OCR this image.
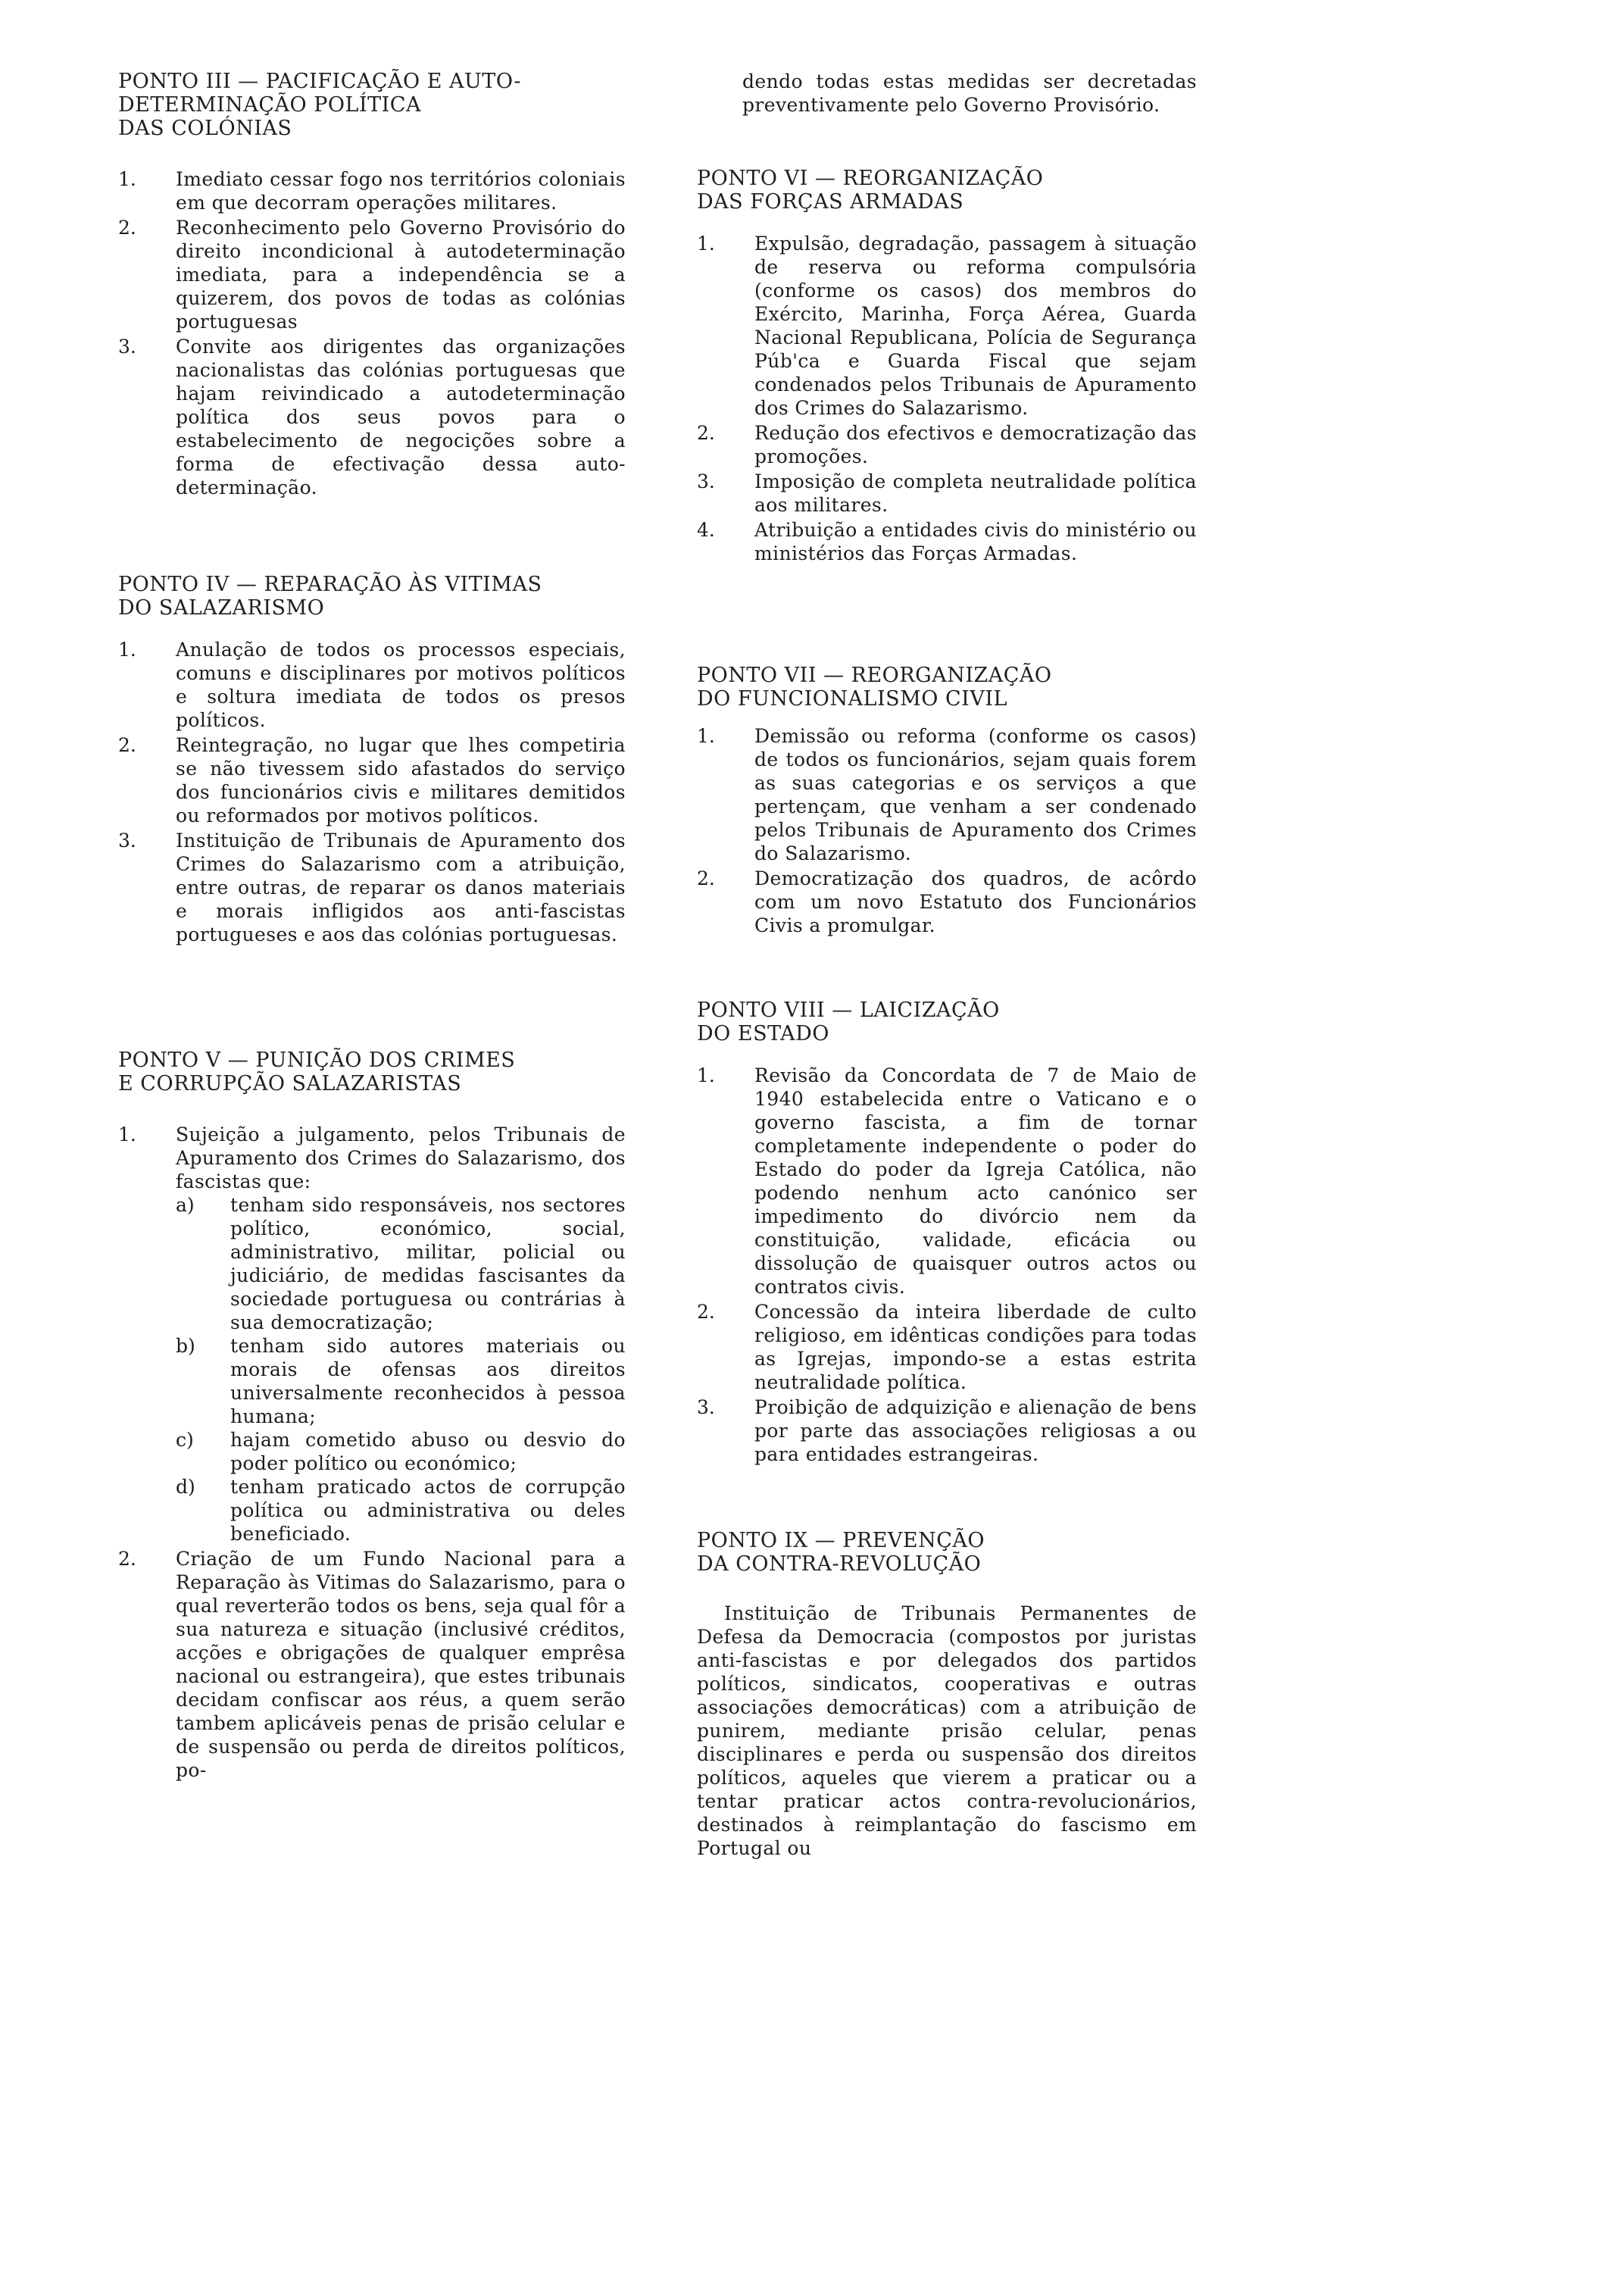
PONTO III — PACIFICAÇÃO E AUTO-
DETERMINAÇÃO POLÍTICA
DAS COLÓNIAS
1.	Imediato cessar fogo nos territórios coloniais em que decorram operações militares.
2.	Reconhecimento pelo Governo Provisório do direito incondicional à autodeterminação imediata, para a independência se a quizerem, dos povos de todas as colónias portuguesas
3.	Convite aos dirigentes das organizações nacionalistas das colónias portuguesas que hajam reivindicado a autodeterminação política dos seus povos para o estabelecimento de negocições sobre a forma de efectivação dessa auto-determinação.
PONTO IV — REPARAÇÃO ÀS VITIMAS
DO SALAZARISMO
1.	Anulação de todos os processos especiais, comuns e disciplinares por motivos políticos e soltura imediata de todos os presos políticos.
2.	Reintegração, no lugar que lhes competiria se não tivessem sido afastados do serviço dos funcionários civis e militares demitidos ou reformados por motivos políticos.
3.	Instituição de Tribunais de Apuramento dos Crimes do Salazarismo com a atribuição, entre outras, de reparar os danos materiais e morais infligidos aos anti-fascistas portugueses e aos das colónias portuguesas.
PONTO V — PUNIÇÃO DOS CRIMES
E CORRUPÇÃO SALAZARISTAS
1.	Sujeição a julgamento, pelos Tribunais de Apuramento dos Crimes do Salazarismo, dos fascistas que:
a) tenham sido responsáveis, nos sectores político, económico, social, administrativo, militar, policial ou judiciário, de medidas fascisantes da sociedade portuguesa ou contrárias à sua democratização;
b) tenham sido autores materiais ou morais de ofensas aos direitos universalmente reconhecidos à pessoa humana;
c) hajam cometido abuso ou desvio do poder político ou económico;
d) tenham praticado actos de corrupção política ou administrativa ou deles beneficiado.
2.	Criação de um Fundo Nacional para a Reparação às Vitimas do Salazarismo, para o qual reverterão todos os bens, seja qual fôr a sua natureza e situação (inclusivé créditos, acções e obrigações de qualquer emprêsa nacional ou estrangeira), que estes tribunais decidam confiscar aos réus, a quem serão tambem aplicáveis penas de prisão celular e de suspensão ou perda de direitos políticos, po-

dendo todas estas medidas ser decretadas preventivamente pelo Governo Provisório.

PONTO VI — REORGANIZAÇÃO
DAS FORÇAS ARMADAS
1.	Expulsão, degradação, passagem à situação de reserva ou reforma compulsória (conforme os casos) dos membros do Exército, Marinha, Força Aérea, Guarda Nacional Republicana, Polícia de Segurança Púb'ca e Guarda Fiscal que sejam condenados pelos Tribunais de Apuramento dos Crimes do Salazarismo.
2.	Redução dos efectivos e democratização das promoções.
3.	Imposição de completa neutralidade política aos militares.
4.	Atribuição a entidades civis do ministério ou ministérios das Forças Armadas.
PONTO VII — REORGANIZAÇÃO
DO FUNCIONALISMO CIVIL
1.	Demissão ou reforma (conforme os casos) de todos os funcionários, sejam quais forem as suas categorias e os serviços a que pertençam, que venham a ser condenado pelos Tribunais de Apuramento dos Crimes do Salazarismo.
2.	Democratização dos quadros, de acôrdo com um novo Estatuto dos Funcionários Civis a promulgar.
PONTO VIII — LAICIZAÇÃO
DO ESTADO
1.	Revisão da Concordata de 7 de Maio de 1940 estabelecida entre o Vaticano e o governo fascista, a fim de tornar completamente independente o poder do Estado do poder da Igreja Católica, não podendo nenhum acto canónico ser impedimento do divórcio nem da constituição, validade, eficácia ou dissolução de quaisquer outros actos ou contratos civis.
2.	Concessão da inteira liberdade de culto religioso, em idênticas condições para todas as Igrejas, impondo-se a estas estrita neutralidade política.
3.	Proibição de adquizição e alienação de bens por parte das associações religiosas a ou para entidades estrangeiras.
PONTO IX — PREVENÇÃO
DA CONTRA-REVOLUÇÃO

Instituição de Tribunais Permanentes de Defesa da Democracia (compostos por juristas anti-fascistas e por delegados dos partidos políticos, sindicatos, cooperativas e outras associações democráticas) com a atribuição de punirem, mediante prisão celular, penas disciplinares e perda ou suspensão dos direitos políticos, aqueles que vierem a praticar ou a tentar praticar actos contra-revolucionários, destinados à reimplantação do fascismo em Portugal ou
